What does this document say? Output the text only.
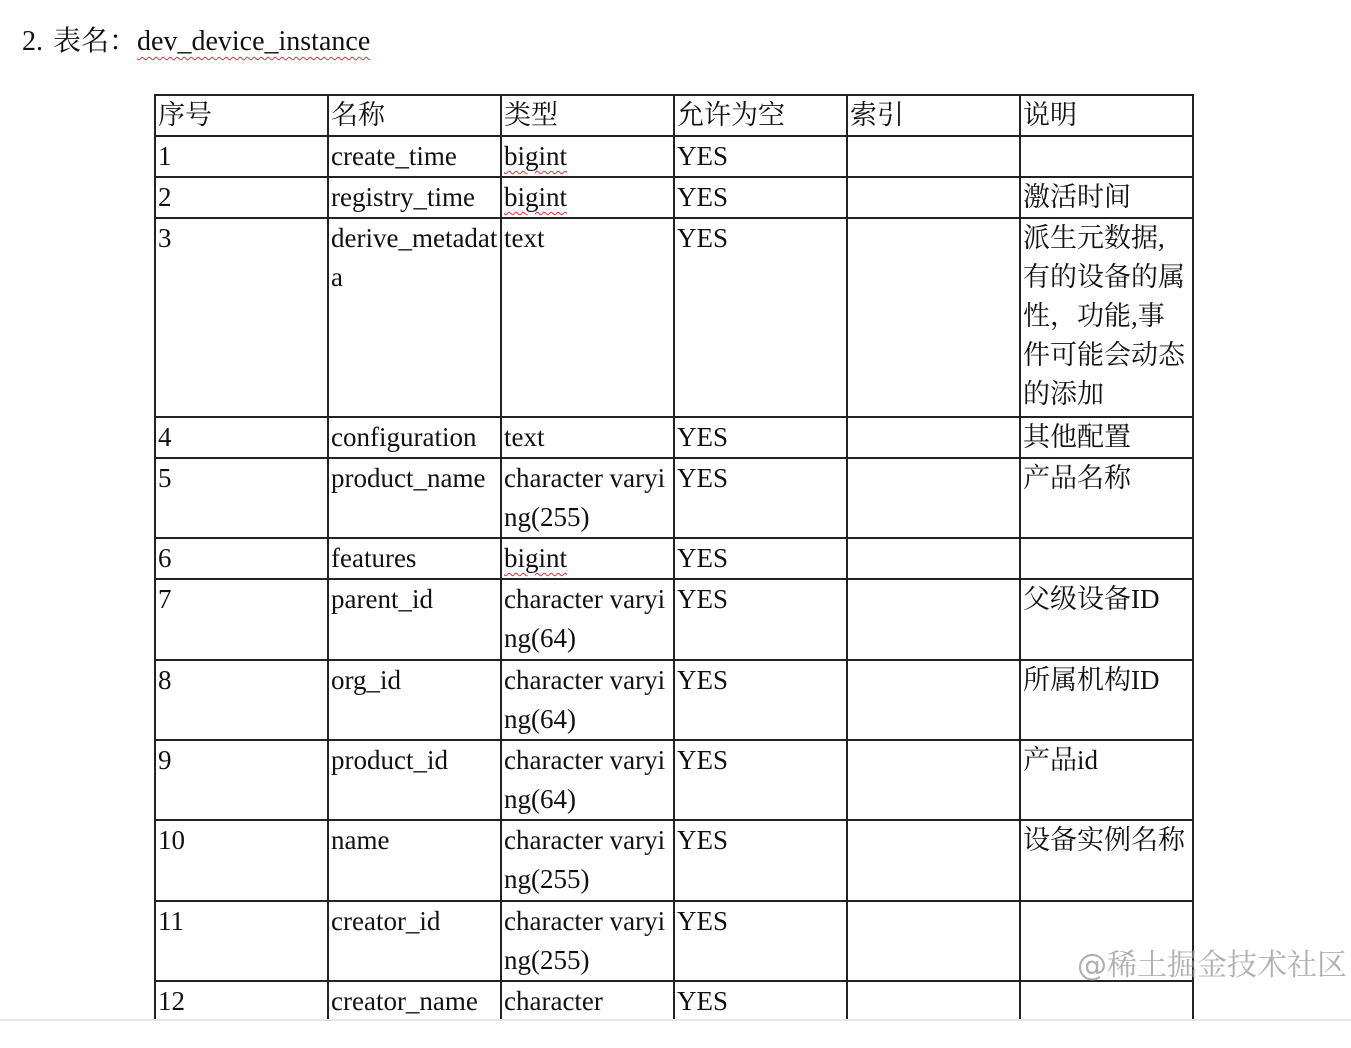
2. 表名：dev_device_instance
序号	名称	类型	允许为空	索引	说明
1	create_time	bigint	YES		
2	registry_time	bigint	YES		激活时间
3	derive_metadata	text	YES		派生元数据,有的设备的属性，功能,事件可能会动态的添加
4	configuration	text	YES		其他配置
5	product_name	character varying(255)	YES		产品名称
6	features	bigint	YES		
7	parent_id	character varying(64)	YES		父级设备ID
8	org_id	character varying(64)	YES		所属机构ID
9	product_id	character varying(64)	YES		产品id
10	name	character varying(255)	YES		设备实例名称
11	creator_id	character varying(255)	YES		
12	creator_name	character	YES		
@稀土掘金技术社区
